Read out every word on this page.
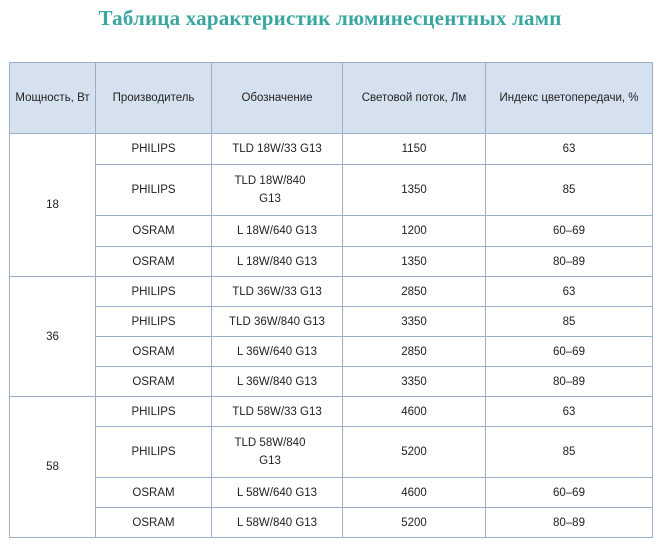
Таблица характеристик люминесцентных ламп
Мощность, Вт	Производитель	Обозначение	Световой поток, Лм	Индекс цветопередачи, %
18	PHILIPS	TLD 18W/33 G13	1150	63
	PHILIPS	TLD 18W/840 G13	1350	85
	OSRAM	L 18W/640 G13	1200	60–69
	OSRAM	L 18W/840 G13	1350	80–89
36	PHILIPS	TLD 36W/33 G13	2850	63
	PHILIPS	TLD 36W/840 G13	3350	85
	OSRAM	L 36W/640 G13	2850	60–69
	OSRAM	L 36W/840 G13	3350	80–89
58	PHILIPS	TLD 58W/33 G13	4600	63
	PHILIPS	TLD 58W/840 G13	5200	85
	OSRAM	L 58W/640 G13	4600	60–69
	OSRAM	L 58W/840 G13	5200	80–89
